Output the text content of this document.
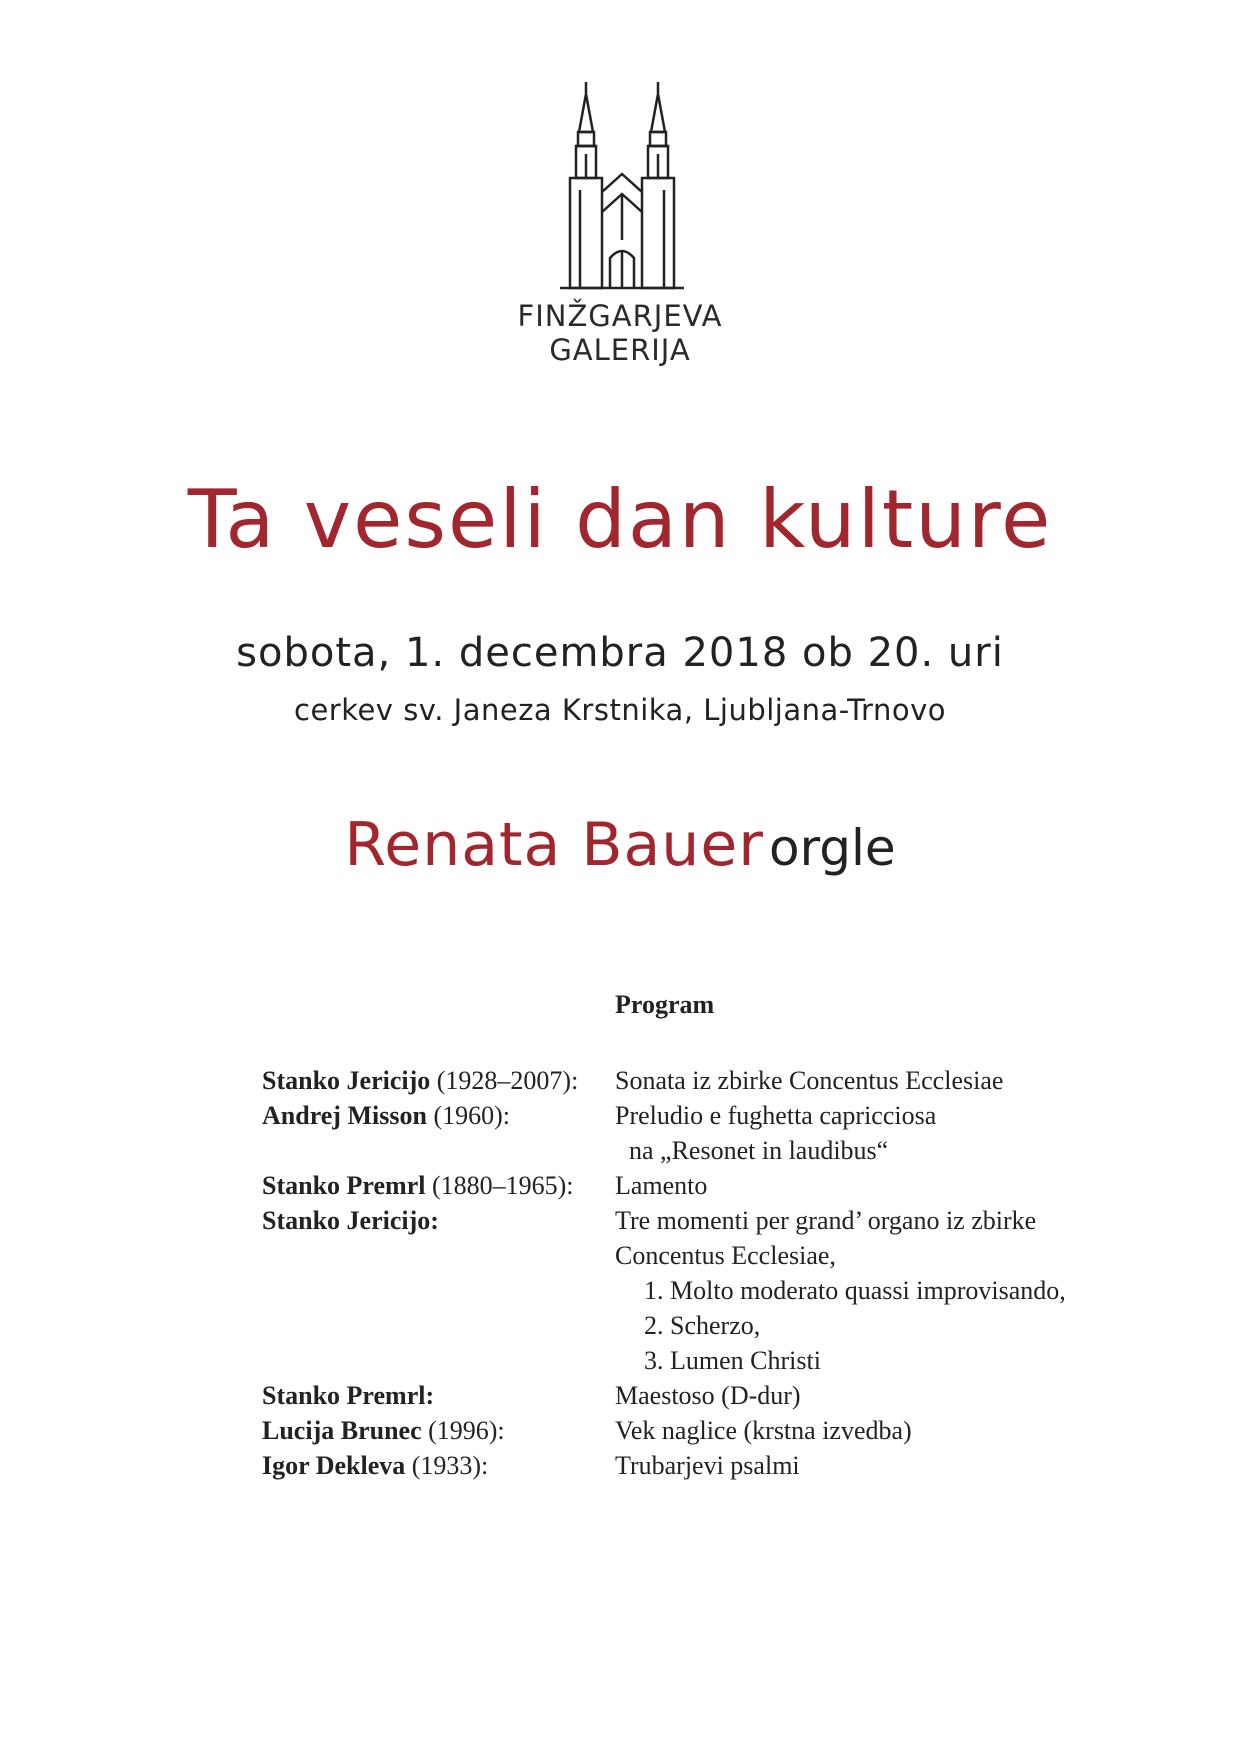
FINŽGARJEVA
GALERIJA
Ta veseli dan kulture
sobota, 1. decembra 2018 ob 20. uri
cerkev sv. Janeza Krstnika, Ljubljana-Trnovo
Renata Bauer orgle
Program
Stanko Jericijo (1928–2007):	Sonata iz zbirke Concentus Ecclesiae
Andrej Misson (1960):	Preludio e fughetta capricciosa
na „Resonet in laudibus“
Stanko Premrl (1880–1965):	Lamento
Stanko Jericijo:	Tre momenti per grand’ organo iz zbirke
Concentus Ecclesiae,
1. Molto moderato quassi improvisando,
2. Scherzo,
3. Lumen Christi
Stanko Premrl:	Maestoso (D-dur)
Lucija Brunec (1996):	Vek naglice (krstna izvedba)
Igor Dekleva (1933):	Trubarjevi psalmi
